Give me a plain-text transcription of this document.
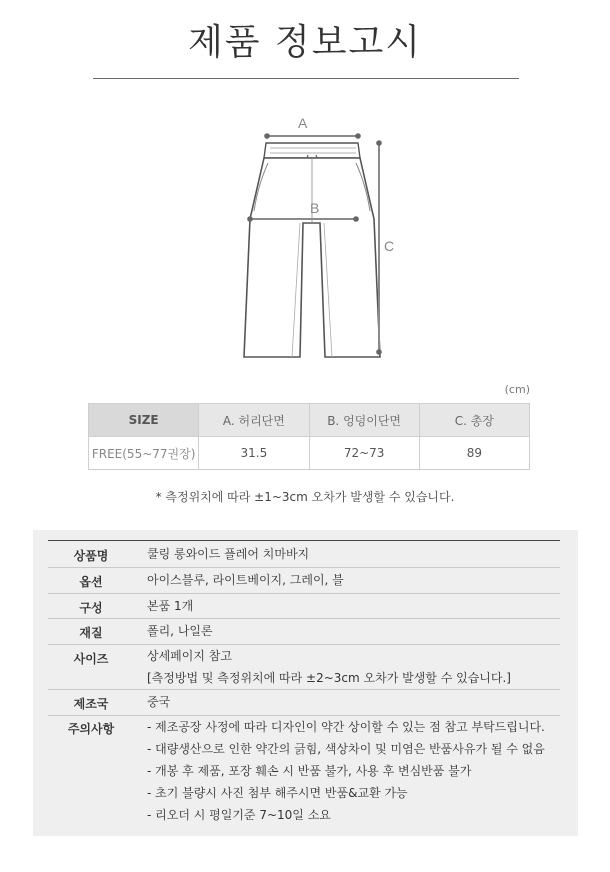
제품 정보고시
A
B
C
(cm)
SIZE	A. 허리단면	B. 엉덩이단면	C. 총장
FREE(55~77권장)	31.5	72~73	89
* 측정위치에 따라 ±1~3cm 오차가 발생할 수 있습니다.
상품명	쿨링 롱와이드 플레어 치마바지
옵션	아이스블루, 라이트베이지, 그레이, 블
구성	본품 1개
재질	폴리, 나일론
사이즈	상세페이지 참고
[측정방법 및 측정위치에 따라 ±2~3cm 오차가 발생할 수 있습니다.]
제조국	중국
주의사항	- 제조공장 사정에 따라 디자인이 약간 상이할 수 있는 점 참고 부탁드립니다.
- 대량생산으로 인한 약간의 긁힘, 색상차이 및 미염은 반품사유가 될 수 없음
- 개봉 후 제품, 포장 훼손 시 반품 불가, 사용 후 변심반품 불가
- 초기 불량시 사진 첨부 해주시면 반품&교환 가능
- 리오더 시 평일기준 7~10일 소요
